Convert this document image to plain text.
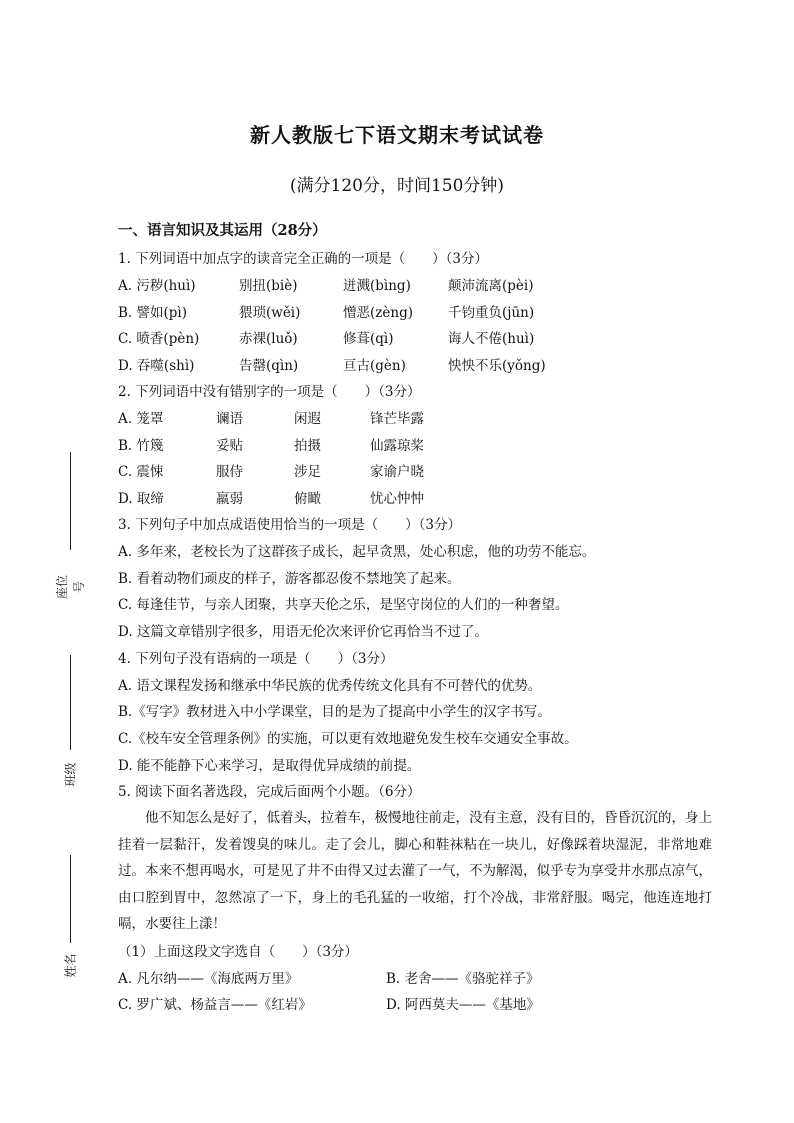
新人教版七下语文期末考试试卷
(满分120分，时间150分钟)
座位号
班级
姓名
一、语言知识及其运用（28分）
1. 下列词语中加点字的读音完全正确的一项是（　　）（3分）
A. 污秽(huì)	别扭(biè)	迸溅(bìng)	颠沛流离(pèi)
B. 譬如(pì)	猥琐(wěi)	憎恶(zèng)	千钧重负(jūn)
C. 喷香(pèn)	赤裸(luǒ)	修葺(qì)	诲人不倦(huì)
D. 吞噬(shì)	告罄(qìn)	亘古(gèn)	怏怏不乐(yǒng)
2. 下列词语中没有错别字的一项是（　　）（3分）
A. 笼罩	谰语	闲遐	锋芒毕露
B. 竹篾	妥贴	拍摄	仙露琼桨
C. 震悚	服侍	涉足	家谕户晓
D. 取缔	羸弱	俯瞰	忧心忡忡
3. 下列句子中加点成语使用恰当的一项是（　　）（3分）
A. 多年来，老校长为了这群孩子成长，起早贪黑，处心积虑，他的功劳不能忘。
B. 看着动物们顽皮的样子，游客都忍俊不禁地笑了起来。
C. 每逢佳节，与亲人团聚，共享天伦之乐，是坚守岗位的人们的一种奢望。
D. 这篇文章错别字很多，用语无伦次来评价它再恰当不过了。
4. 下列句子没有语病的一项是（　　）（3分）
A. 语文课程发扬和继承中华民族的优秀传统文化具有不可替代的优势。
B.《写字》教材进入中小学课堂，目的是为了提高中小学生的汉字书写。
C.《校车安全管理条例》的实施，可以更有效地避免发生校车交通安全事故。
D. 能不能静下心来学习，是取得优异成绩的前提。
5. 阅读下面名著选段，完成后面两个小题。（6分）
他不知怎么是好了，低着头，拉着车，极慢地往前走，没有主意，没有目的，昏昏沉沉的，身上挂着一层黏汗，发着馊臭的味儿。走了会儿，脚心和鞋袜粘在一块儿，好像踩着块湿泥，非常地难过。本来不想再喝水，可是见了井不由得又过去灌了一气，不为解渴，似乎专为享受井水那点凉气，由口腔到胃中，忽然凉了一下，身上的毛孔猛的一收缩，打个冷战，非常舒服。喝完，他连连地打嗝，水要往上漾！
（1）上面这段文字选自（　　）（3分）
A. 凡尔纳——《海底两万里》	B. 老舍——《骆驼祥子》
C. 罗广斌、杨益言——《红岩》	D. 阿西莫夫——《基地》
